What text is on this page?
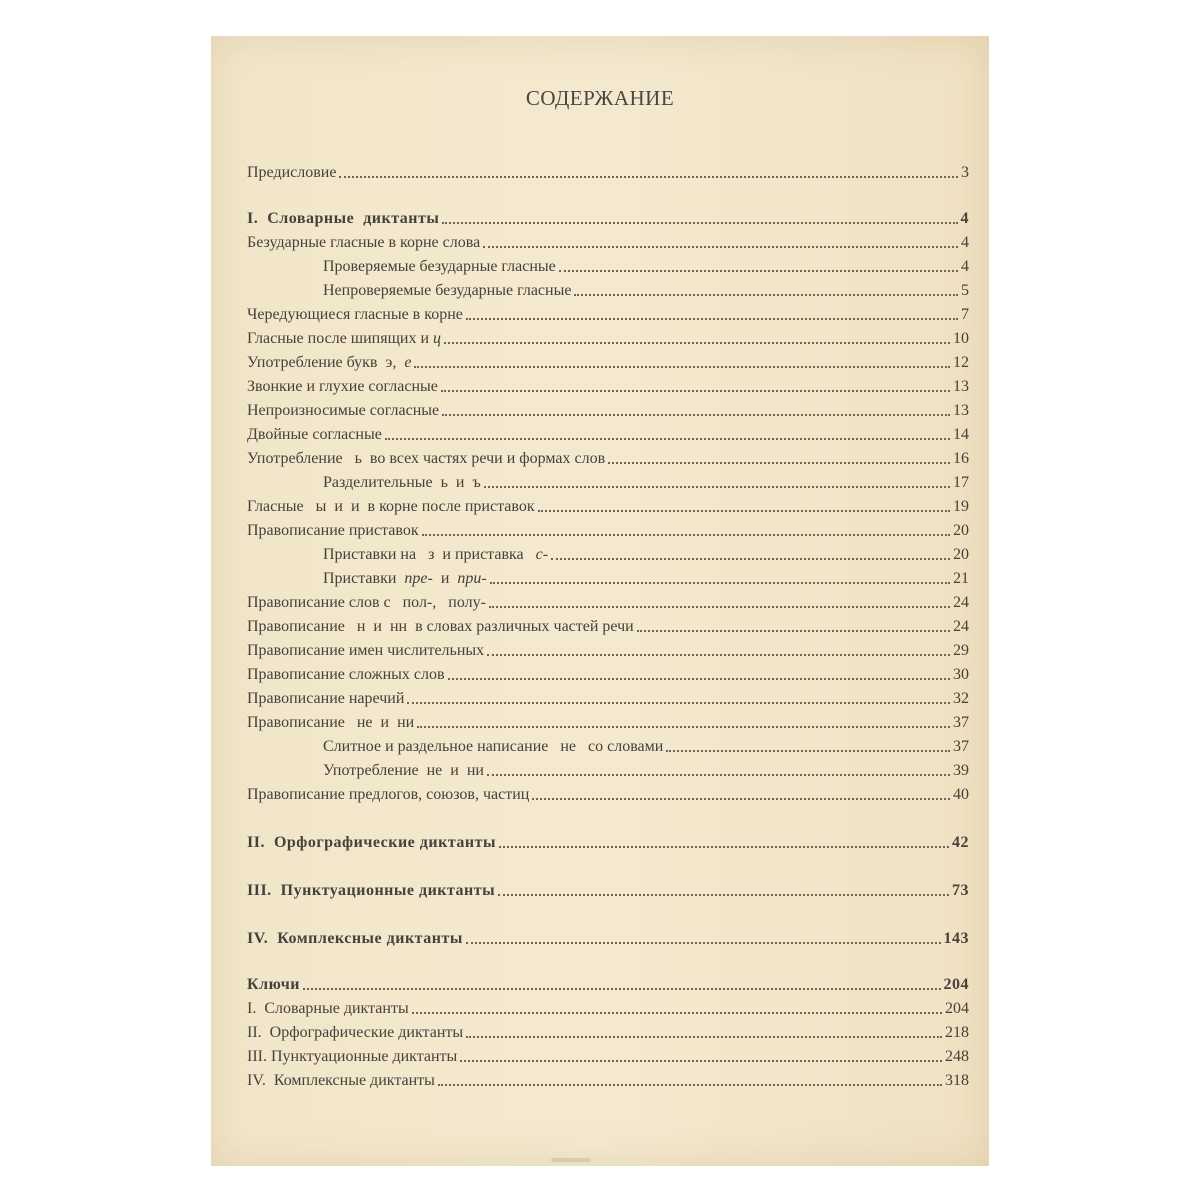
СОДЕРЖАНИЕ
Предисловие	3
I.  Словарные  диктанты	4
Безударные гласные в корне слова	4
Проверяемые безударные гласные	4
Непроверяемые безударные гласные	5
Чередующиеся гласные в корне	7
Гласные после шипящих и ц	10
Употребление букв  э,  е	12
Звонкие и глухие согласные	13
Непроизносимые согласные	13
Двойные согласные	14
Употребление   ь  во всех частях речи и формах слов	16
Разделительные  ь  и  ъ	17
Гласные   ы  и  и  в корне после приставок	19
Правописание приставок	20
Приставки на   з  и приставка   с-	20
Приставки  пре-  и  при-	21
Правописание слов с   пол-,   полу-	24
Правописание   н  и  нн  в словах различных частей речи	24
Правописание имен числительных	29
Правописание сложных слов	30
Правописание наречий	32
Правописание   не  и  ни	37
Слитное и раздельное написание   не   со словами	37
Употребление  не  и  ни	39
Правописание предлогов, союзов, частиц	40
II.  Орфографические диктанты	42
III.  Пунктуационные диктанты	73
IV.  Комплексные диктанты	143
Ключи	204
I.  Словарные диктанты	204
II.  Орфографические диктанты	218
III. Пунктуационные диктанты	248
IV.  Комплексные диктанты	318
